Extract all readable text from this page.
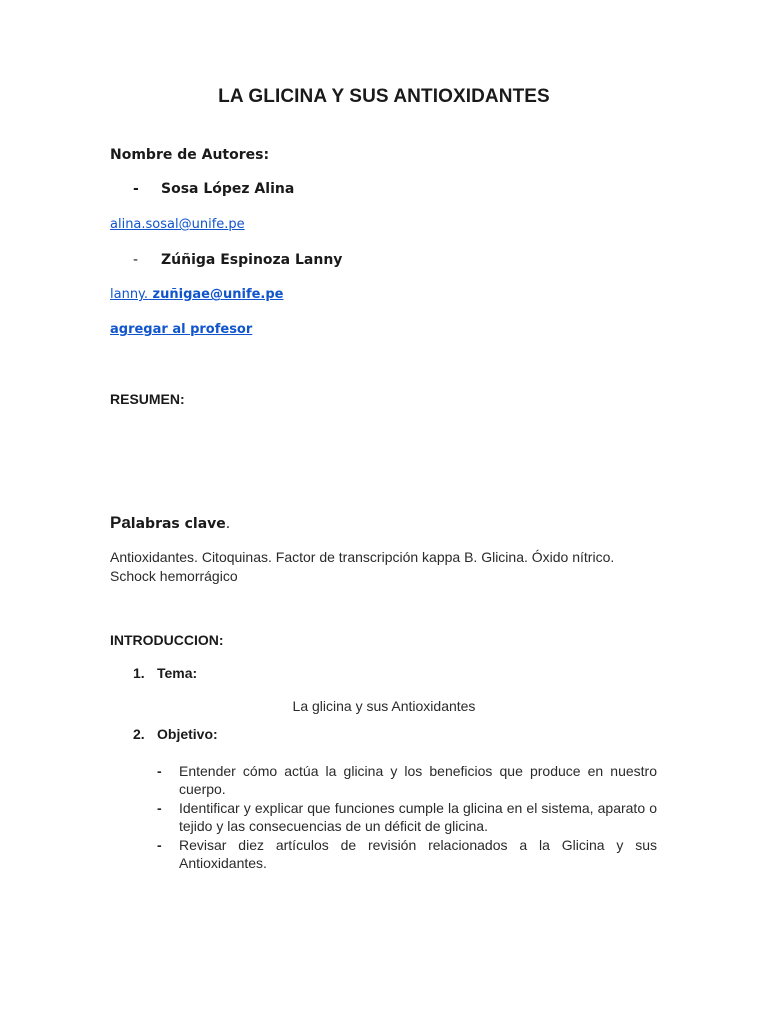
LA GLICINA Y SUS ANTIOXIDANTES
Nombre de Autores:
- Sosa López Alina
alina.sosal@unife.pe
- Zúñiga Espinoza Lanny
lanny. zuñigae@unife.pe
agregar al profesor
RESUMEN:
Palabras clave.
Antioxidantes. Citoquinas. Factor de transcripción kappa B. Glicina. Óxido nítrico. Schock hemorrágico
INTRODUCCION:
1. Tema:
La glicina y sus Antioxidantes
2. Objetivo:
- Entender cómo actúa la glicina y los beneficios que produce en nuestro cuerpo.
- Identificar y explicar que funciones cumple la glicina en el sistema, aparato o tejido y las consecuencias de un déficit de glicina.
- Revisar diez artículos de revisión relacionados a la Glicina y sus Antioxidantes.
